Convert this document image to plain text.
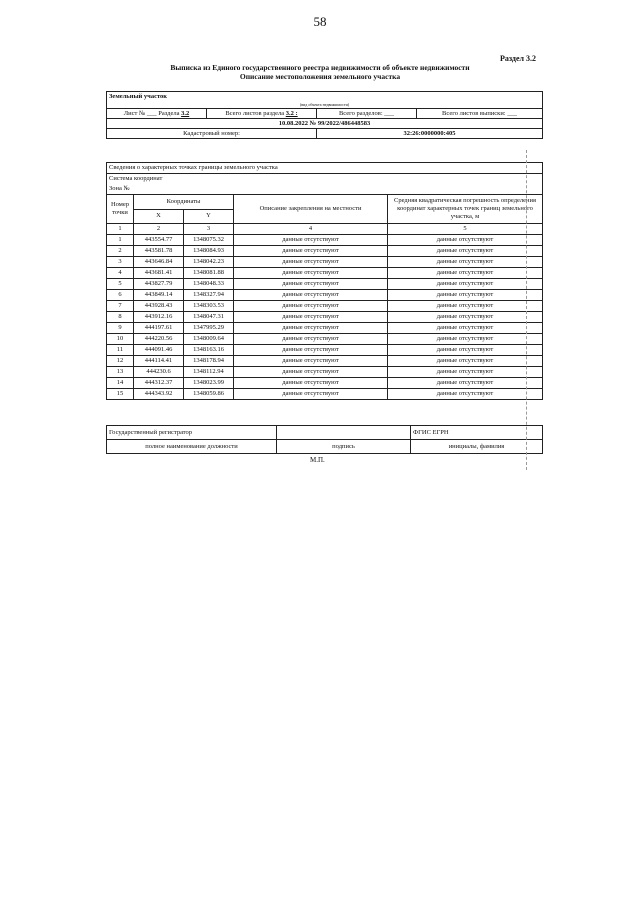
58
Раздел 3.2
Выписка из Единого государственного реестра недвижимости об объекте недвижимости
Описание местоположения земельного участка
Земельный участок			
(вид объекта недвижимости)			
Лист № ___ Раздела 3.2	Всего листов раздела 3.2 :	Всего разделов: ___	Всего листов выписки: ___
10.08.2022 № 99/2022/486448583			
Кадастровый номер:		32:26:0000000:405	
Сведения о характерных точках границы земельного участка				
Система координат				
Зона №				
Номер точки	Координаты		Описание закрепления на местности	Средняя квадратическая погрешность определения координат характерных точек границ земельного участка, м
	X	Y		
1	2	3	4	5
1	443554.77	1348075.32	данные отсутствуют	данные отсутствуют
2	443581.78	1348084.93	данные отсутствуют	данные отсутствуют
3	443646.84	1348042.23	данные отсутствуют	данные отсутствуют
4	443681.41	1348081.88	данные отсутствуют	данные отсутствуют
5	443827.79	1348048.33	данные отсутствуют	данные отсутствуют
6	443849.14	1348327.94	данные отсутствуют	данные отсутствуют
7	443928.43	1348303.53	данные отсутствуют	данные отсутствуют
8	443912.16	1348047.31	данные отсутствуют	данные отсутствуют
9	444197.61	1347995.29	данные отсутствуют	данные отсутствуют
10	444220.56	1348009.64	данные отсутствуют	данные отсутствуют
11	444091.46	1348163.16	данные отсутствуют	данные отсутствуют
12	444114.41	1348178.94	данные отсутствуют	данные отсутствуют
13	444230.6	1348112.94	данные отсутствуют	данные отсутствуют
14	444312.37	1348023.99	данные отсутствуют	данные отсутствуют
15	444343.92	1348059.86	данные отсутствуют	данные отсутствуют
Государственный регистратор		ФГИС ЕГРН
полное наименование должности	подпись	инициалы, фамилия
М.П.
